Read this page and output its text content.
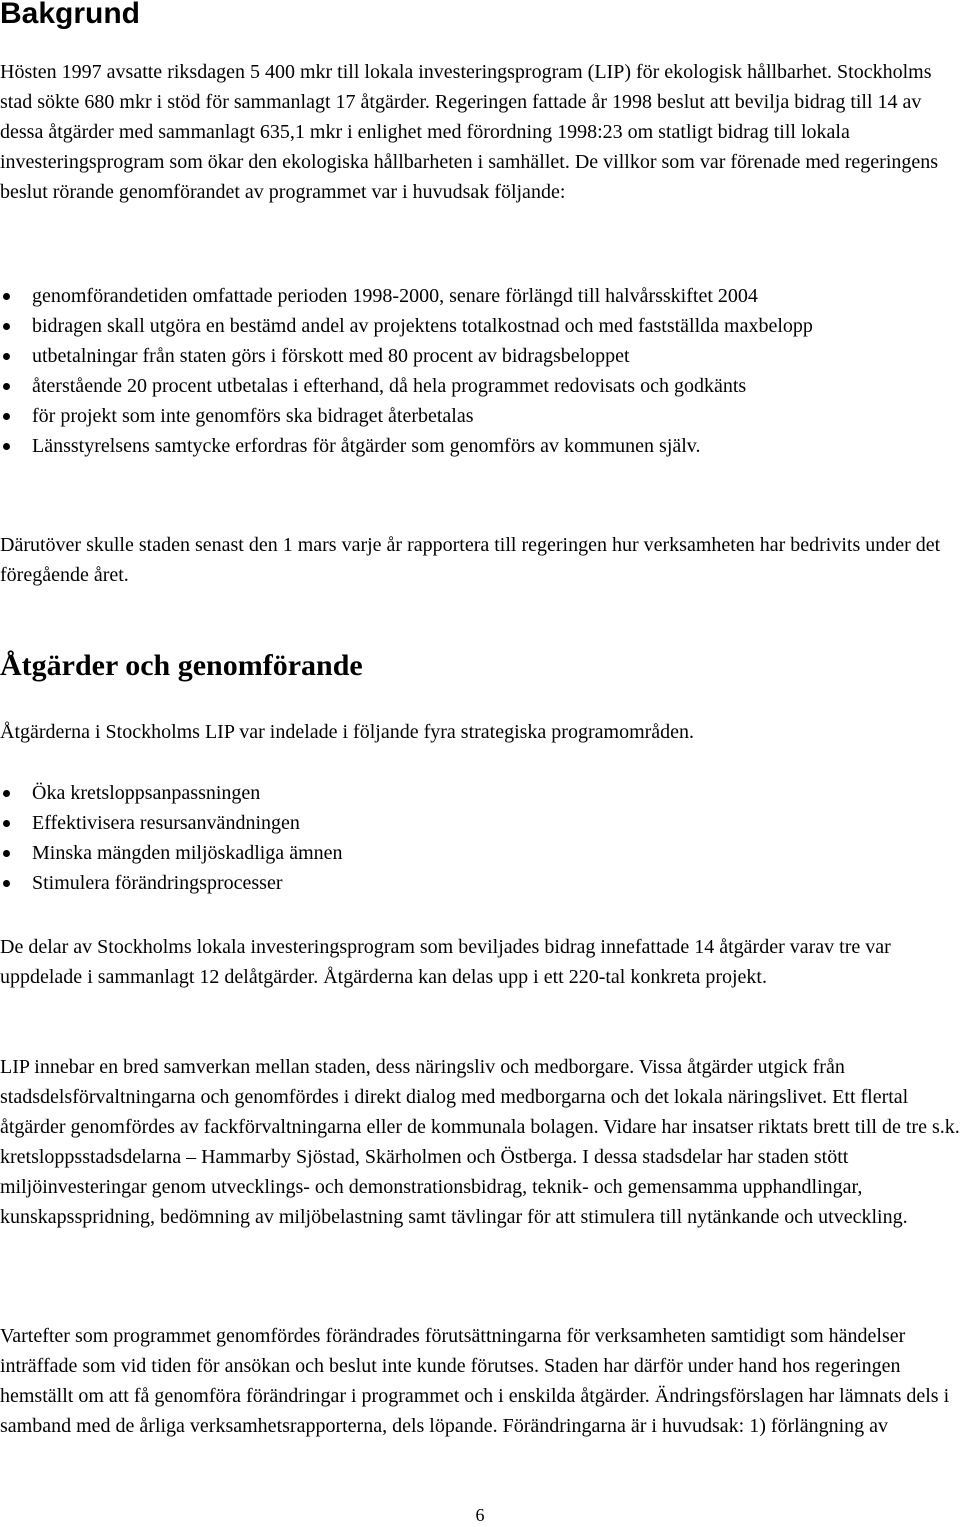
Bakgrund

Hösten 1997 avsatte riksdagen 5 400 mkr till lokala investeringsprogram (LIP) för ekologisk hållbarhet. Stockholms stad sökte 680 mkr i stöd för sammanlagt 17 åtgärder. Regeringen fattade år 1998 beslut att bevilja bidrag till 14 av dessa åtgärder med sammanlagt 635,1 mkr i enlighet med förordning 1998:23 om statligt bidrag till lokala investeringsprogram som ökar den ekologiska hållbarheten i samhället. De villkor som var förenade med regeringens beslut rörande genomförandet av programmet var i huvudsak följande:

genomförandetiden omfattade perioden 1998-2000, senare förlängd till halvårsskiftet 2004
bidragen skall utgöra en bestämd andel av projektens totalkostnad och med fastställda maxbelopp
utbetalningar från staten görs i förskott med 80 procent av bidragsbeloppet
återstående 20 procent utbetalas i efterhand, då hela programmet redovisats och godkänts
för projekt som inte genomförs ska bidraget återbetalas
Länsstyrelsens samtycke erfordras för åtgärder som genomförs av kommunen själv.

Därutöver skulle staden senast den 1 mars varje år rapportera till regeringen hur verksamheten har bedrivits under det föregående året.

Åtgärder och genomförande

Åtgärderna i Stockholms LIP var indelade i följande fyra strategiska programområden.

Öka kretsloppsanpassningen
Effektivisera resursanvändningen
Minska mängden miljöskadliga ämnen
Stimulera förändringsprocesser

De delar av Stockholms lokala investeringsprogram som beviljades bidrag innefattade 14 åtgärder varav tre var uppdelade i sammanlagt 12 delåtgärder. Åtgärderna kan delas upp i ett 220-tal konkreta projekt.

LIP innebar en bred samverkan mellan staden, dess näringsliv och medborgare. Vissa åtgärder utgick från stadsdelsförvaltningarna och genomfördes i direkt dialog med medborgarna och det lokala näringslivet. Ett flertal åtgärder genomfördes av fackförvaltningarna eller de kommunala bolagen. Vidare har insatser riktats brett till de tre s.k. kretsloppsstadsdelarna – Hammarby Sjöstad, Skärholmen och Östberga. I dessa stadsdelar har staden stött miljöinvesteringar genom utvecklings- och demonstrationsbidrag, teknik- och gemensamma upphandlingar, kunskapsspridning, bedömning av miljöbelastning samt tävlingar för att stimulera till nytänkande och utveckling.

Vartefter som programmet genomfördes förändrades förutsättningarna för verksamheten samtidigt som händelser inträffade som vid tiden för ansökan och beslut inte kunde förutses. Staden har därför under hand hos regeringen hemställt om att få genomföra förändringar i programmet och i enskilda åtgärder. Ändringsförslagen har lämnats dels i samband med de årliga verksamhetsrapporterna, dels löpande. Förändringarna är i huvudsak: 1) förlängning av

6
